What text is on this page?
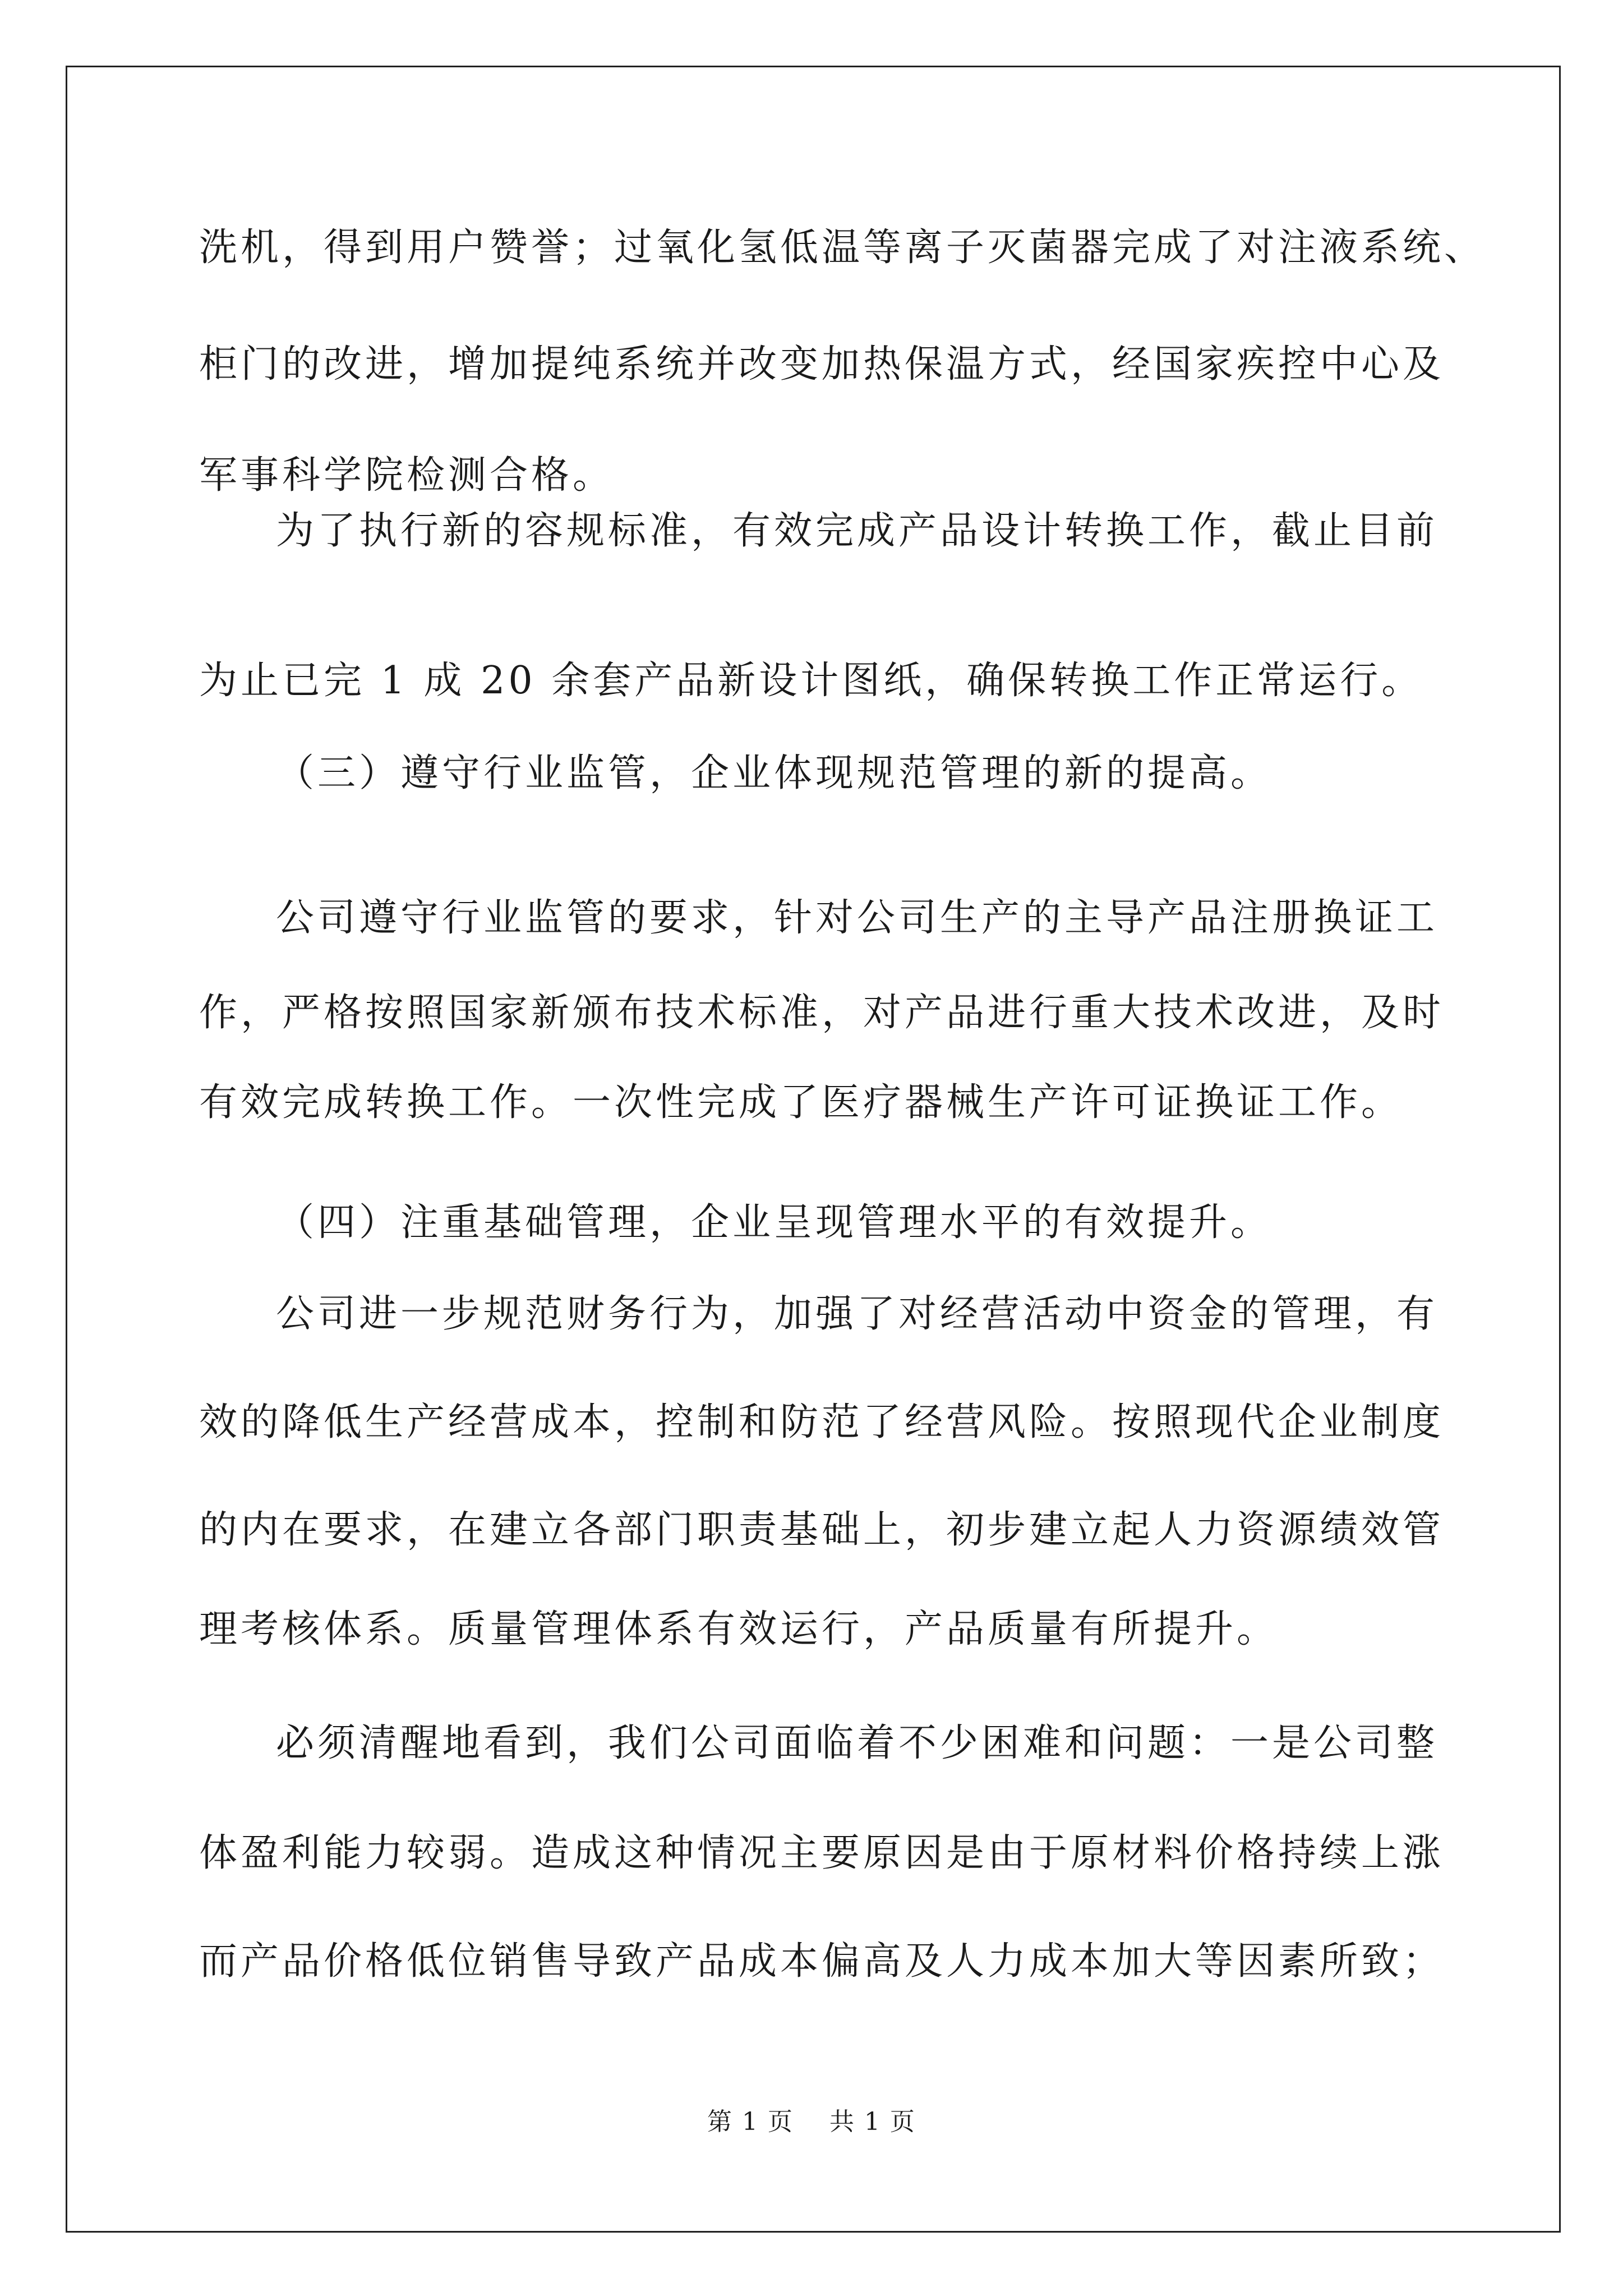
洗机，得到用户赞誉；过氧化氢低温等离子灭菌器完成了对注液系统、
柜门的改进，增加提纯系统并改变加热保温方式，经国家疾控中心及
军事科学院检测合格。
为了执行新的容规标准，有效完成产品设计转换工作，截止目前
为止已完 1 成 20 余套产品新设计图纸，确保转换工作正常运行。
（三）遵守行业监管，企业体现规范管理的新的提高。
公司遵守行业监管的要求，针对公司生产的主导产品注册换证工
作，严格按照国家新颁布技术标准，对产品进行重大技术改进，及时
有效完成转换工作。一次性完成了医疗器械生产许可证换证工作。
（四）注重基础管理，企业呈现管理水平的有效提升。
公司进一步规范财务行为，加强了对经营活动中资金的管理，有
效的降低生产经营成本，控制和防范了经营风险。按照现代企业制度
的内在要求，在建立各部门职责基础上，初步建立起人力资源绩效管
理考核体系。质量管理体系有效运行，产品质量有所提升。
必须清醒地看到，我们公司面临着不少困难和问题：一是公司整
体盈利能力较弱。造成这种情况主要原因是由于原材料价格持续上涨
而产品价格低位销售导致产品成本偏高及人力成本加大等因素所致；
第 1 页    共 1 页
